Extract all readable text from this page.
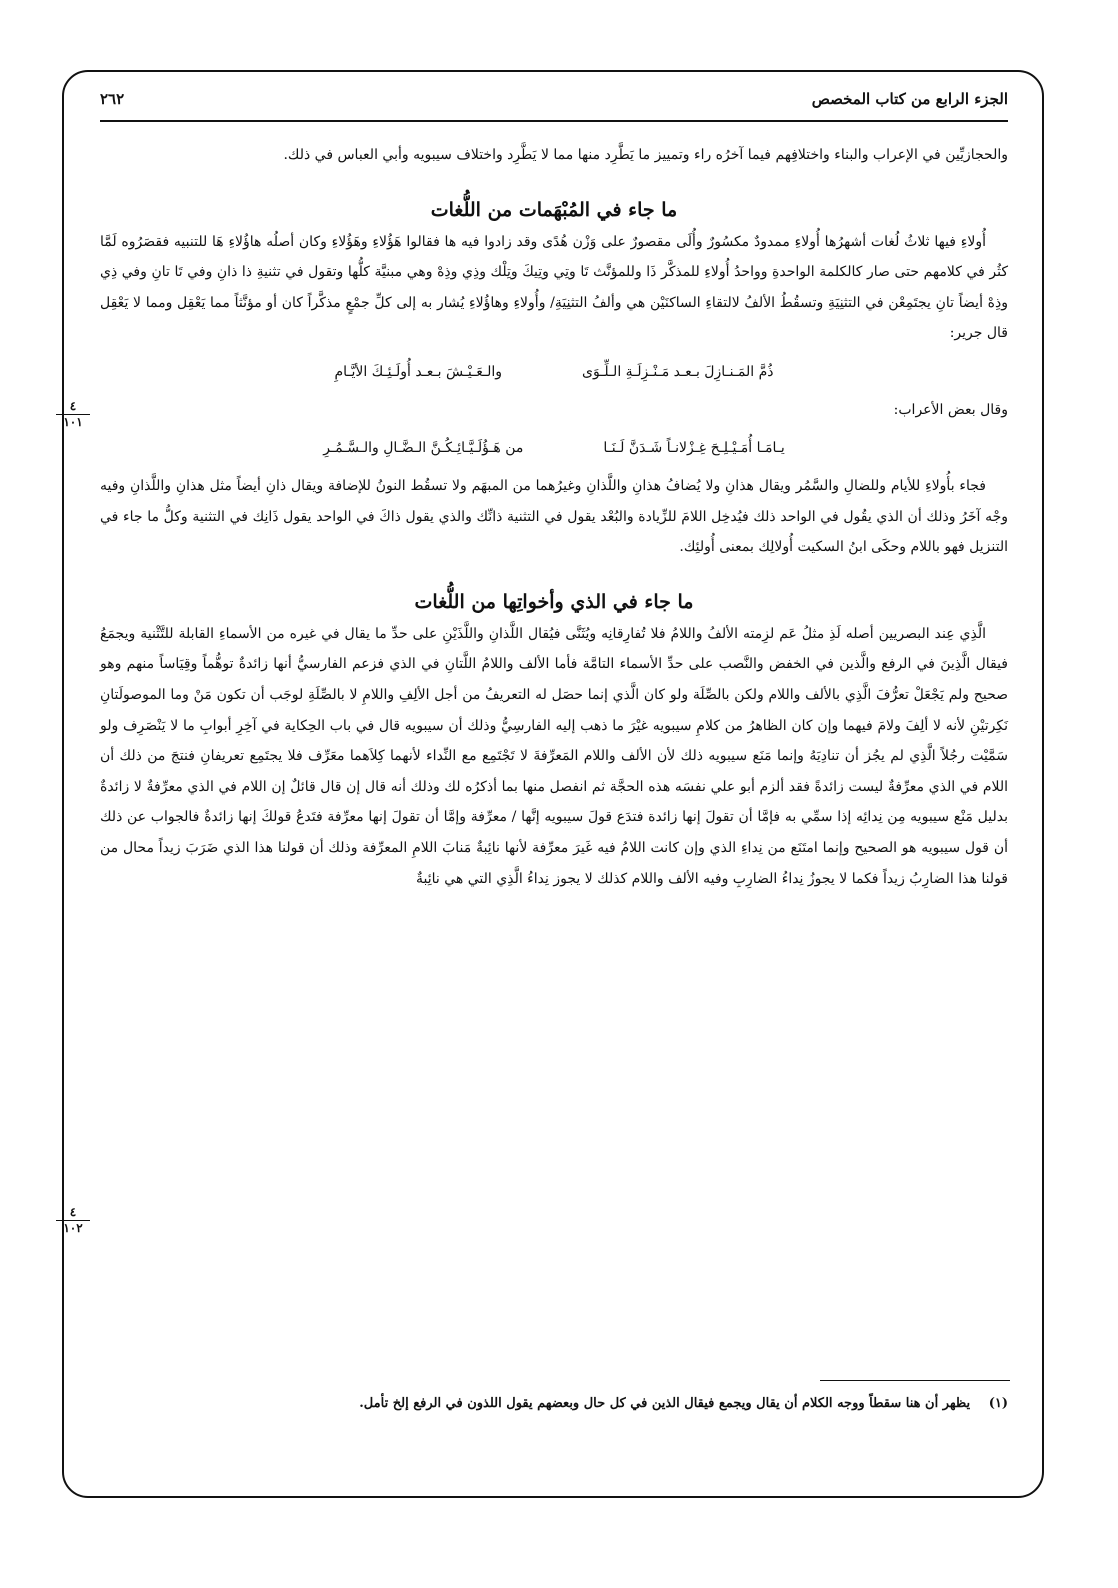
الجزء الرابع من كتاب المخصص
٢٦٢

والحجازيِّين في الإعراب والبناء واختلافِهم فيما آخرُه راء وتمييز ما يَطَّرِد منها مما لا يَطَّرِد واختلاف سيبويه وأبي العباس في ذلك.

ما جاء في المُبْهَمات من اللُّغات

أُولاءِ فيها ثلاثُ لُغات أشهرُها أُولاءِ ممدودٌ مكسُورٌ وأُلَى مقصورٌ على وَزْن هُدًى وقد زادوا فيه ها فقالوا هَؤُلاءِ وهَؤُلاءِ وكان أصلُه هاؤُلاءِ هَا للتنبيه فقصَرُوه لَمَّا كثُر في كلامهم حتى صار كالكلمة الواحدةِ وواحدُ أُولاءِ للمذكَّر ذَا وللمؤنَّث تَا وتِي وتِيكَ وتِلْك وذِي وذِهْ وهي مبنيَّة كلُّها وتقول في تثنيةِ ذا ذانِ وفي تَا تانِ وفي ذِي وذِهْ أيضاً تانِ يجتَمِعْن في التثنِيَةِ وتسقُطُ الألفُ لالتقاءِ الساكنَيْن هي وألفُ التثنِيَةِ/ وأُولاءِ وهاؤُلاءِ يُشار به إلى كلِّ جمْعٍ مذكَّراً كان أو مؤنَّثاً مما يَعْقِل ومما لا يَعْقِل قال جرير:

ذُمَّ المَـنـازِلَ بـعـد مَـنْـزِلَـةِ الـلِّـوَى
والـعَـيْـشَ بـعـد أُولَـئِـكَ الأيَّـامِ

وقال بعض الأعراب:

يـامَـا أُمَـيْـلِـحَ غِـزْلانـاً شَـدَنَّ لَـنَـا
من هَـؤُلَـيَّـائِـكُـنَّ الـضَّـالِ والـسَّـمُـرِ

فجاء بأُولاءِ للأيام وللضالِ والسَّمُر ويقال هذانِ ولا يُضافُ هذانِ واللَّذانِ وغيرُهما من المبهَم ولا تسقُط النونُ للإضافة ويقال ذانِ أيضاً مثل هذانِ واللَّذانِ وفيه وجْه آخَرُ وذلك أن الذي يقُول في الواحد ذلك فيُدخِل اللامَ للزِّيادة والبُعْد يقول في التثنية ذانِّك والذي يقول ذاكَ في الواحد يقول ذَانِك في التثنية وكلُّ ما جاء في التنزيل فهو باللام وحكَى ابنُ السكيت أُولالِك بمعنى أُولئِك.

ما جاء في الذي وأخواتِها من اللُّغات

الَّذِي عِند البصريين أصله لَذِ مثلُ عَم لزِمته الألفُ واللامُ فلا تُفارِقانِه ويُثَنَّى فيُقال اللَّذانِ واللَّذَيْنِ على حدِّ ما يقال في غيره من الأسماءِ القابلة للتَّثْنية ويجمَعُ فيقال الَّذِينَ في الرفع والَّذين في الخفض والنَّصب على حدِّ الأسماء التامَّة فأما الألف واللامُ اللَّتانِ في الذي فزعم الفارسيُّ أنها زائدةٌ توهُّماً وقِيَاساً منهم وهو صحيح ولم يَجْعَلْ تعرُّفَ الَّذِي بالألف واللام ولكن بالصِّلَة ولو كان الَّذي إنما حصَل له التعريفُ من أجل الألِفِ واللامِ لا بالصِّلَةِ لوجَب أن تكون مَنْ وما الموصولَتانِ نَكِرتيْنِ لأنه لا ألِفَ ولامَ فيهما وإن كان الظاهرُ من كلامِ سيبويه غيْرَ ما ذهب إليه الفارسِيُّ وذلك أن سيبويه قال في باب الحِكاية في آخِرِ أبوابِ ما لا يَنْصَرِف ولو سَمَّيْت رجُلاً الَّذِي لم يجُز أن تنادِيَهُ وإنما مَنَع سيبويه ذلك لأن الألف واللام المَعرِّفةَ لا تَجْتَمِع مع النِّداء لأنهما كِلاَهما معَرِّف فلا يجتَمِع تعريفانِ فنتجَ من ذلك أن اللام في الذي معرِّفةٌ ليست زائدةً فقد ألزم أبو علي نفسَه هذه الحجَّة ثم انفصل منها بما أذكرُه لك وذلك أنه قال إن قال قائلٌ إن اللام في الذي معرِّفةٌ لا زائدةٌ بدليل مَنْع سيبويه مِن نِدائِه إذا سمِّي به فإمَّا أن تقولَ إنها زائدة فتدَع قولَ سيبويه إنَّها / معرِّفة وإمَّا أن تقولَ إنها معرِّفة فتَدعُ قولكَ إنها زائدةٌ فالجواب عن ذلك أن قول سيبويه هو الصحيح وإنما امتَنَع من نِداءِ الذي وإن كانت اللامُ فيه غَيرَ معرِّفة لأنها نائِبةٌ مَنابَ اللامِ المعرِّفة وذلك أن قولنا هذا الذي ضَرَبَ زيداً محال من قولنا هذا الضارِبُ زيداً فكما لا يجوزُ نِداءُ الضارِبِ وفيه الألف واللام كذلك لا يجوز نِداءُ الَّذِي التي هي نائِبةٌ

٤
١٠١
٤
١٠٢
(١) يظهر أن هنا سقطاً ووجه الكلام أن يقال ويجمع فيقال الذين في كل حال وبعضهم يقول اللذون في الرفع إلخ تأمل.
